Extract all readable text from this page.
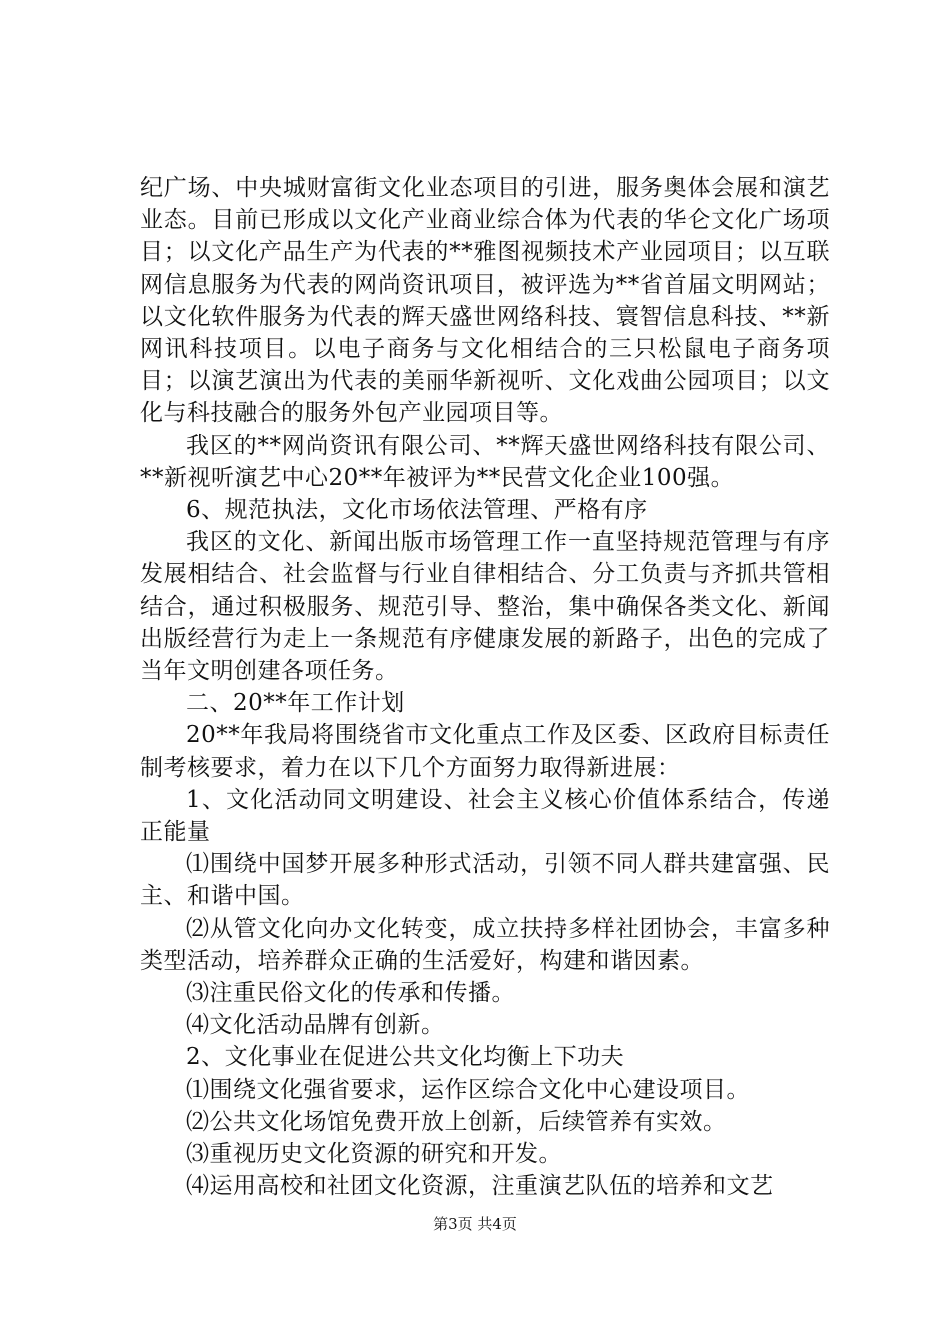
纪广场、中央城财富街文化业态项目的引进，服务奥体会展和演艺业态。目前已形成以文化产业商业综合体为代表的华仑文化广场项目；以文化产品生产为代表的**雅图视频技术产业园项目；以互联网信息服务为代表的网尚资讯项目，被评选为**省首届文明网站；以文化软件服务为代表的辉天盛世网络科技、寰智信息科技、**新网讯科技项目。以电子商务与文化相结合的三只松鼠电子商务项目；以演艺演出为代表的美丽华新视听、文化戏曲公园项目；以文化与科技融合的服务外包产业园项目等。

我区的**网尚资讯有限公司、**辉天盛世网络科技有限公司、**新视听演艺中心20**年被评为**民营文化企业100强。

6、规范执法，文化市场依法管理、严格有序

我区的文化、新闻出版市场管理工作一直坚持规范管理与有序发展相结合、社会监督与行业自律相结合、分工负责与齐抓共管相结合，通过积极服务、规范引导、整治，集中确保各类文化、新闻出版经营行为走上一条规范有序健康发展的新路子，出色的完成了当年文明创建各项任务。

二、20**年工作计划

20**年我局将围绕省市文化重点工作及区委、区政府目标责任制考核要求，着力在以下几个方面努力取得新进展：

1、文化活动同文明建设、社会主义核心价值体系结合，传递正能量

⑴围绕中国梦开展多种形式活动，引领不同人群共建富强、民主、和谐中国。

⑵从管文化向办文化转变，成立扶持多样社团协会，丰富多种类型活动，培养群众正确的生活爱好，构建和谐因素。

⑶注重民俗文化的传承和传播。

⑷文化活动品牌有创新。

2、文化事业在促进公共文化均衡上下功夫

⑴围绕文化强省要求，运作区综合文化中心建设项目。

⑵公共文化场馆免费开放上创新，后续管养有实效。

⑶重视历史文化资源的研究和开发。

⑷运用高校和社团文化资源，注重演艺队伍的培养和文艺

第3页 共4页
